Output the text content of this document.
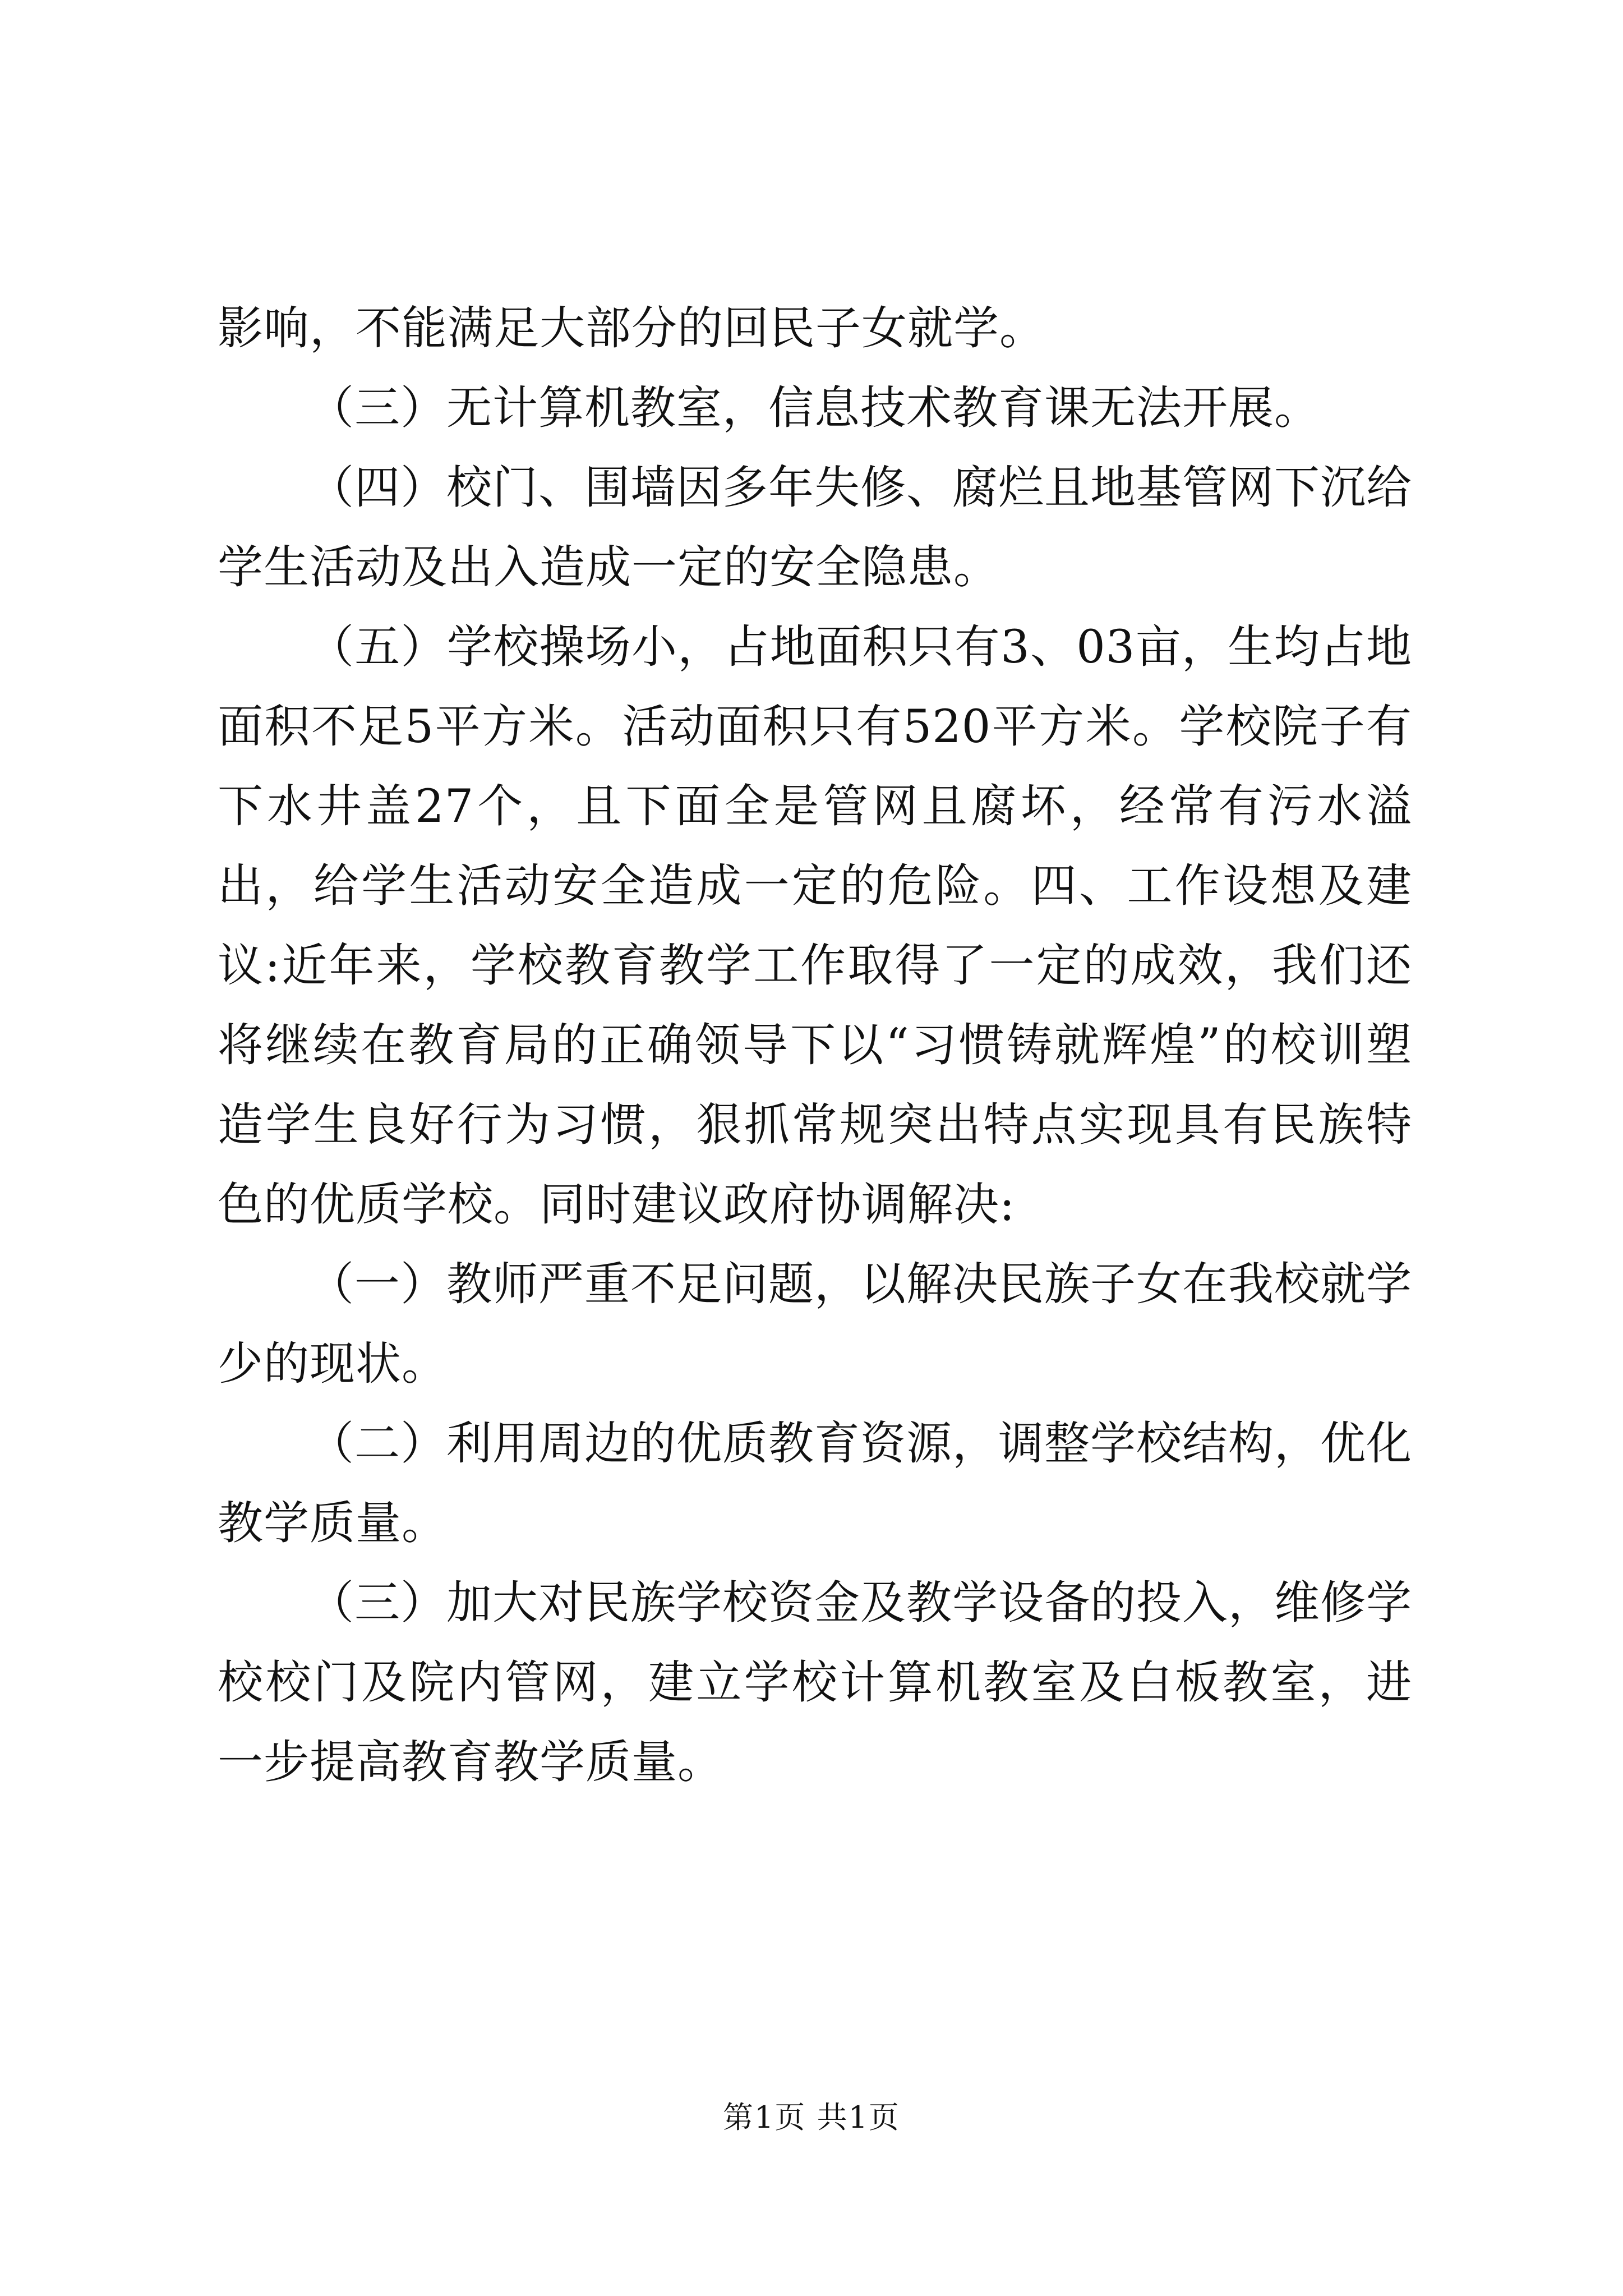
影响，不能满足大部分的回民子女就学。

（三）无计算机教室，信息技术教育课无法开展。

（四）校门、围墙因多年失修、腐烂且地基管网下沉给学生活动及出入造成一定的安全隐患。

（五）学校操场小，占地面积只有3、03亩，生均占地面积不足5平方米。活动面积只有520平方米。学校院子有下水井盖27个，且下面全是管网且腐坏，经常有污水溢出，给学生活动安全造成一定的危险。四、工作设想及建议:近年来，学校教育教学工作取得了一定的成效，我们还将继续在教育局的正确领导下以“习惯铸就辉煌”的校训塑造学生良好行为习惯，狠抓常规突出特点实现具有民族特色的优质学校。同时建议政府协调解决:

（一）教师严重不足问题，以解决民族子女在我校就学少的现状。

（二）利用周边的优质教育资源，调整学校结构，优化教学质量。

（三）加大对民族学校资金及教学设备的投入，维修学校校门及院内管网，建立学校计算机教室及白板教室，进一步提高教育教学质量。

第1页 共1页
